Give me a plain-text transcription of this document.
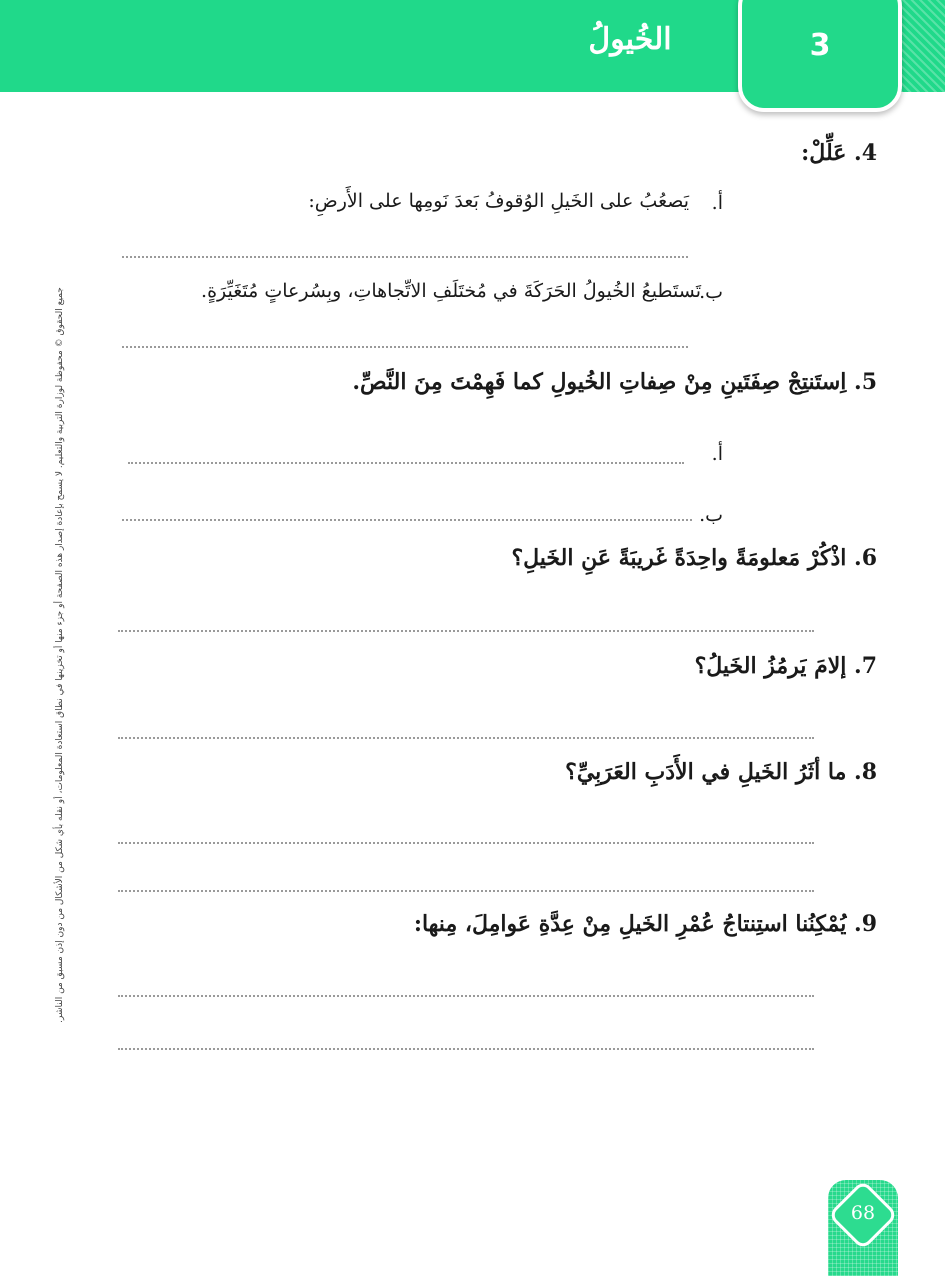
الخُيولُ	3
جميع الحقوق © محفوظة لوزارة التربية والتعليم. لا يسمح بإعادة إصدار هذه الصفحة أو جزء منها أو تخزينها في نطاق استعادة المعلومات، أو نقله بأي شكل من الأشكال من دون إذن مسبق من الناشر.
4. عَلِّلْ:
أ.
يَصعُبُ على الخَيلِ الوُقوفُ بَعدَ نَومِها على الأَرضِ:
ب.
تَستَطيعُ الخُيولُ الحَرَكَةَ في مُختَلَفِ الاتِّجاهاتِ، وبِسُرعاتٍ مُتَغَيِّرَةٍ.
5. اِستَنتِجْ صِفَتَينِ مِنْ صِفاتِ الخُيولِ كما فَهِمْتَ مِنَ النَّصِّ.
أ.
ب.
6. اذْكُرْ مَعلومَةً واحِدَةً غَريبَةً عَنِ الخَيلِ؟
7. إلامَ يَرمُزُ الخَيلُ؟
8. ما أثَرُ الخَيلِ في الأَدَبِ العَرَبِيِّ؟
9. يُمْكِنُنا استِنتاجُ عُمْرِ الخَيلِ مِنْ عِدَّةِ عَوامِلَ، مِنها:
68
